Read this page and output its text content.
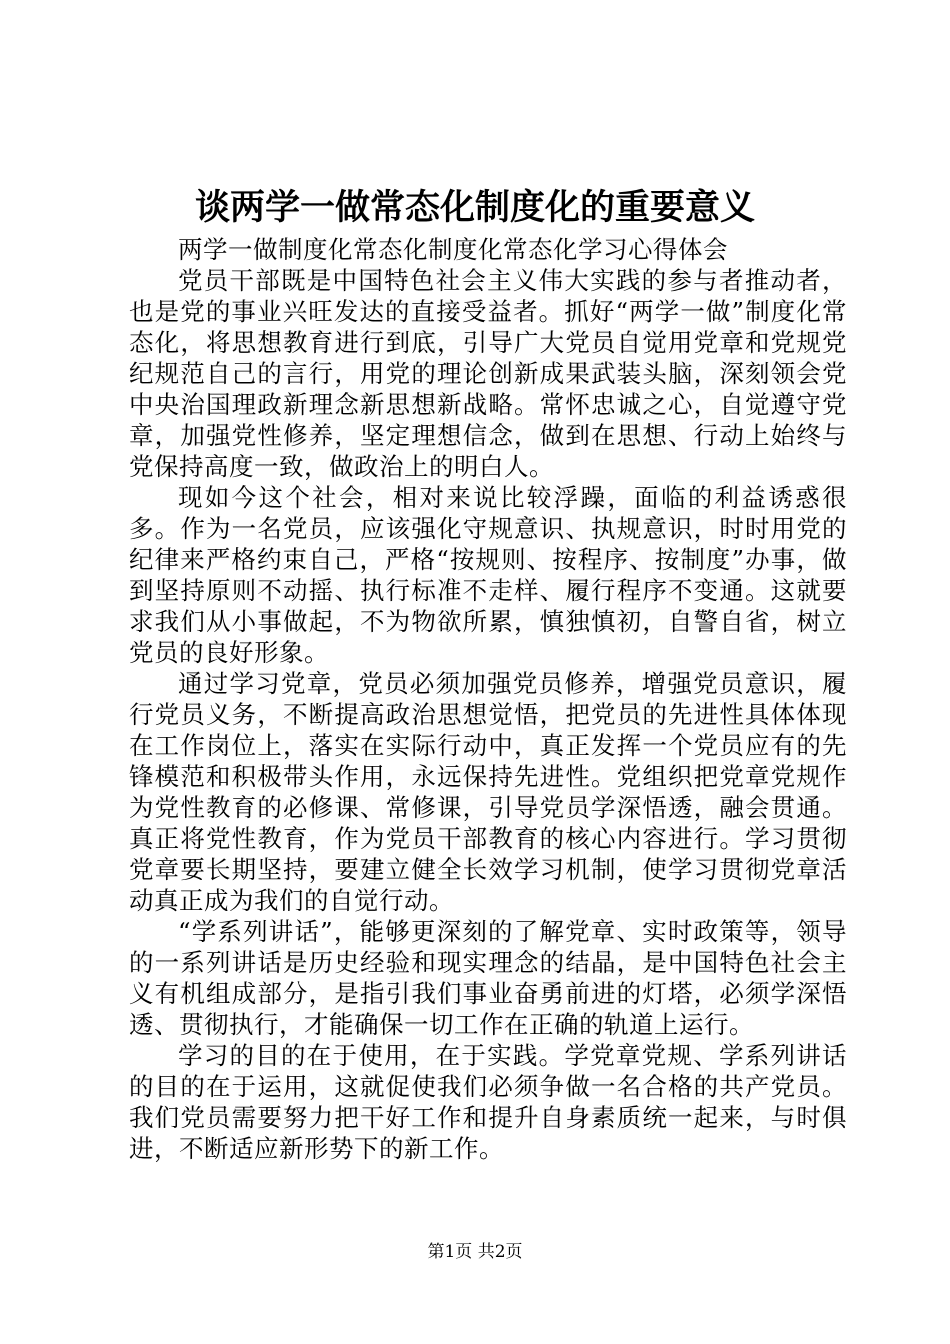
谈两学一做常态化制度化的重要意义

两学一做制度化常态化制度化常态化学习心得体会

党员干部既是中国特色社会主义伟大实践的参与者推动者，也是党的事业兴旺发达的直接受益者。抓好“两学一做”制度化常态化，将思想教育进行到底，引导广大党员自觉用党章和党规党纪规范自己的言行，用党的理论创新成果武装头脑，深刻领会党中央治国理政新理念新思想新战略。常怀忠诚之心，自觉遵守党章，加强党性修养，坚定理想信念，做到在思想、行动上始终与党保持高度一致，做政治上的明白人。

现如今这个社会，相对来说比较浮躁，面临的利益诱惑很多。作为一名党员，应该强化守规意识、执规意识，时时用党的纪律来严格约束自己，严格“按规则、按程序、按制度”办事，做到坚持原则不动摇、执行标准不走样、履行程序不变通。这就要求我们从小事做起，不为物欲所累，慎独慎初，自警自省，树立党员的良好形象。

通过学习党章，党员必须加强党员修养，增强党员意识，履行党员义务，不断提高政治思想觉悟，把党员的先进性具体体现在工作岗位上，落实在实际行动中，真正发挥一个党员应有的先锋模范和积极带头作用，永远保持先进性。党组织把党章党规作为党性教育的必修课、常修课，引导党员学深悟透，融会贯通。真正将党性教育，作为党员干部教育的核心内容进行。学习贯彻党章要长期坚持，要建立健全长效学习机制，使学习贯彻党章活动真正成为我们的自觉行动。

“学系列讲话”，能够更深刻的了解党章、实时政策等，领导的一系列讲话是历史经验和现实理念的结晶，是中国特色社会主义有机组成部分，是指引我们事业奋勇前进的灯塔，必须学深悟透、贯彻执行，才能确保一切工作在正确的轨道上运行。

学习的目的在于使用，在于实践。学党章党规、学系列讲话的目的在于运用，这就促使我们必须争做一名合格的共产党员。我们党员需要努力把干好工作和提升自身素质统一起来，与时俱进，不断适应新形势下的新工作。

第1页 共2页
